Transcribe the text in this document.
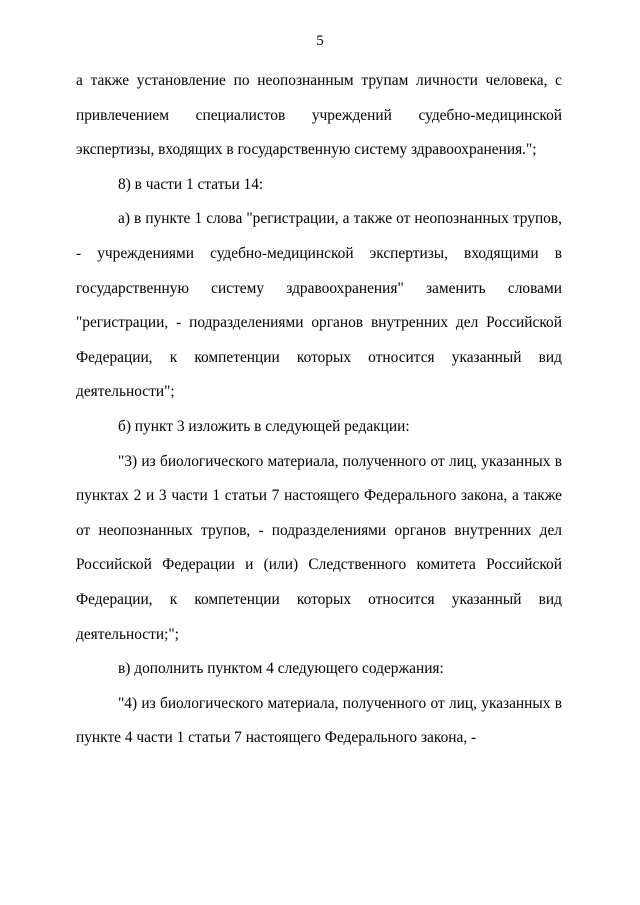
5

а также установление по неопознанным трупам личности человека, с привлечением специалистов учреждений судебно-медицинской экспертизы, входящих в государственную систему здравоохранения.";

8) в части 1 статьи 14:

а) в пункте 1 слова "регистрации, а также от неопознанных трупов, - учреждениями судебно-медицинской экспертизы, входящими в государственную систему здравоохранения" заменить словами "регистрации, - подразделениями органов внутренних дел Российской Федерации, к компетенции которых относится указанный вид деятельности";

б) пункт 3 изложить в следующей редакции:

"3) из биологического материала, полученного от лиц, указанных в пунктах 2 и 3 части 1 статьи 7 настоящего Федерального закона, а также от неопознанных трупов, - подразделениями органов внутренних дел Российской Федерации и (или) Следственного комитета Российской Федерации, к компетенции которых относится указанный вид деятельности;";

в) дополнить пунктом 4 следующего содержания:

"4) из биологического материала, полученного от лиц, указанных в пункте 4 части 1 статьи 7 настоящего Федерального закона, -
